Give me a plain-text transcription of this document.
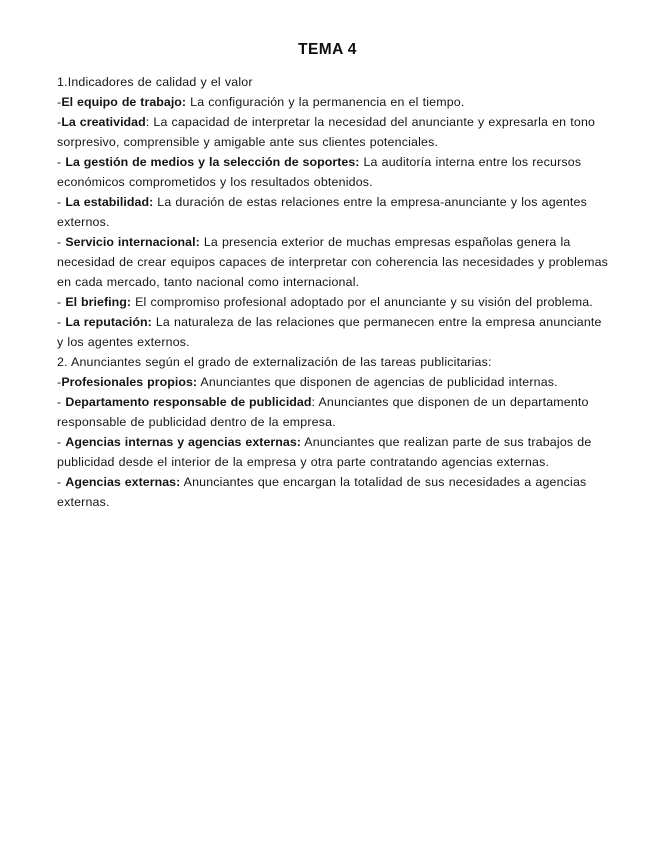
TEMA 4

1.Indicadores de calidad y el valor

-El equipo de trabajo: La configuración y la permanencia en el tiempo.

-La creatividad: La capacidad de interpretar la necesidad del anunciante y expresarla en tono sorpresivo, comprensible y amigable ante sus clientes potenciales.

- La gestión de medios y la selección de soportes: La auditoría interna entre los recursos económicos comprometidos y los resultados obtenidos.

- La estabilidad: La duración de estas relaciones entre la empresa-anunciante y los agentes externos.

- Servicio internacional: La presencia exterior de muchas empresas españolas genera la necesidad de crear equipos capaces de interpretar con coherencia las necesidades y problemas en cada mercado, tanto nacional como internacional.

- El briefing: El compromiso profesional adoptado por el anunciante y su visión del problema.

- La reputación: La naturaleza de las relaciones que permanecen entre la empresa anunciante y los agentes externos.

2. Anunciantes según el grado de externalización de las tareas publicitarias:

-Profesionales propios: Anunciantes que disponen de agencias de publicidad internas.

- Departamento responsable de publicidad: Anunciantes que disponen de un departamento responsable de publicidad dentro de la empresa.

- Agencias internas y agencias externas: Anunciantes que realizan parte de sus trabajos de publicidad desde el interior de la empresa y otra parte contratando agencias externas.

- Agencias externas: Anunciantes que encargan la totalidad de sus necesidades a agencias externas.
